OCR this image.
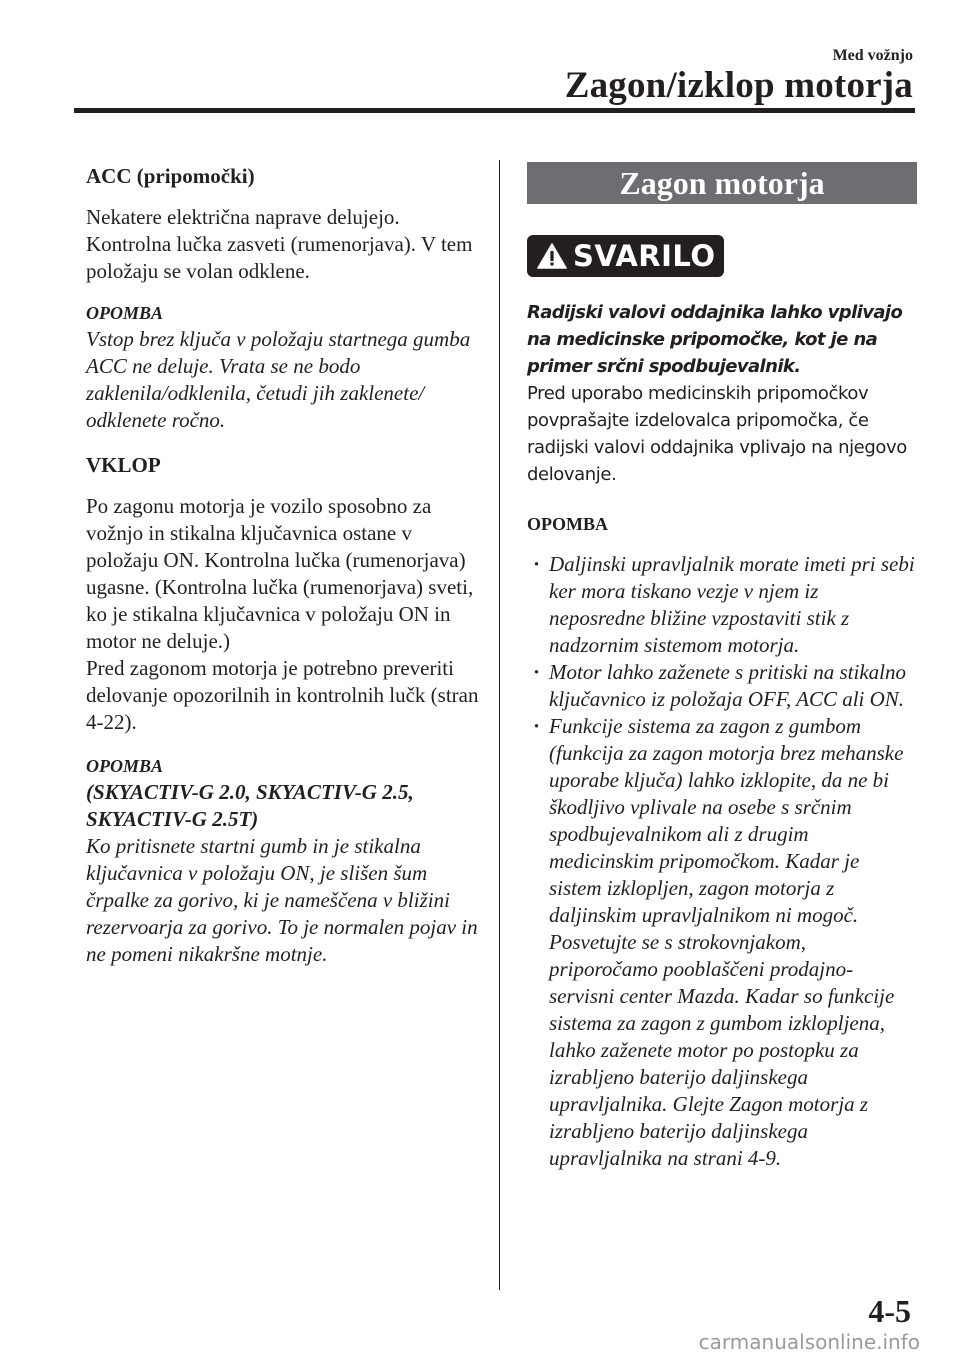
Med vožnjo
Zagon/izklop motorja
ACC (pripomočki)

Nekatere električna naprave delujejo. Kontrolna lučka zasveti (rumenorjava). V tem položaju se volan odklene.

OPOMBA

Vstop brez ključa v položaju startnega gumba ACC ne deluje. Vrata se ne bodo zaklenila/odklenila, četudi jih zaklenete/ odklenete ročno.

VKLOP

Po zagonu motorja je vozilo sposobno za vožnjo in stikalna ključavnica ostane v položaju ON. Kontrolna lučka (rumenorjava) ugasne. (Kontrolna lučka (rumenorjava) sveti, ko je stikalna ključavnica v položaju ON in motor ne deluje.)

Pred zagonom motorja je potrebno preveriti delovanje opozorilnih in kontrolnih lučk (stran 4-22).

OPOMBA

(SKYACTIV-G 2.0, SKYACTIV-G 2.5, SKYACTIV-G 2.5T)

Ko pritisnete startni gumb in je stikalna ključavnica v položaju ON, je slišen šum črpalke za gorivo, ki je nameščena v bližini rezervoarja za gorivo. To je normalen pojav in ne pomeni nikakršne motnje.

Zagon motorja
SVARILO

Radijski valovi oddajnika lahko vplivajo na medicinske pripomočke, kot je na primer srčni spodbujevalnik.

Pred uporabo medicinskih pripomočkov povprašajte izdelovalca pripomočka, če radijski valovi oddajnika vplivajo na njegovo delovanje.

OPOMBA
· Daljinski upravljalnik morate imeti pri sebi ker mora tiskano vezje v njem iz neposredne bližine vzpostaviti stik z nadzornim sistemom motorja.
· Motor lahko zaženete s pritiski na stikalno ključavnico iz položaja OFF, ACC ali ON.
· Funkcije sistema za zagon z gumbom (funkcija za zagon motorja brez mehanske uporabe ključa) lahko izklopite, da ne bi škodljivo vplivale na osebe s srčnim spodbujevalnikom ali z drugim medicinskim pripomočkom. Kadar je sistem izklopljen, zagon motorja z daljinskim upravljalnikom ni mogoč. Posvetujte se s strokovnjakom, priporočamo pooblaščeni prodajno-servisni center Mazda. Kadar so funkcije sistema za zagon z gumbom izklopljena, lahko zaženete motor po postopku za izrabljeno baterijo daljinskega upravljalnika. Glejte Zagon motorja z izrabljeno baterijo daljinskega upravljalnika na strani 4-9.
4-5
carmanualsonline.info
